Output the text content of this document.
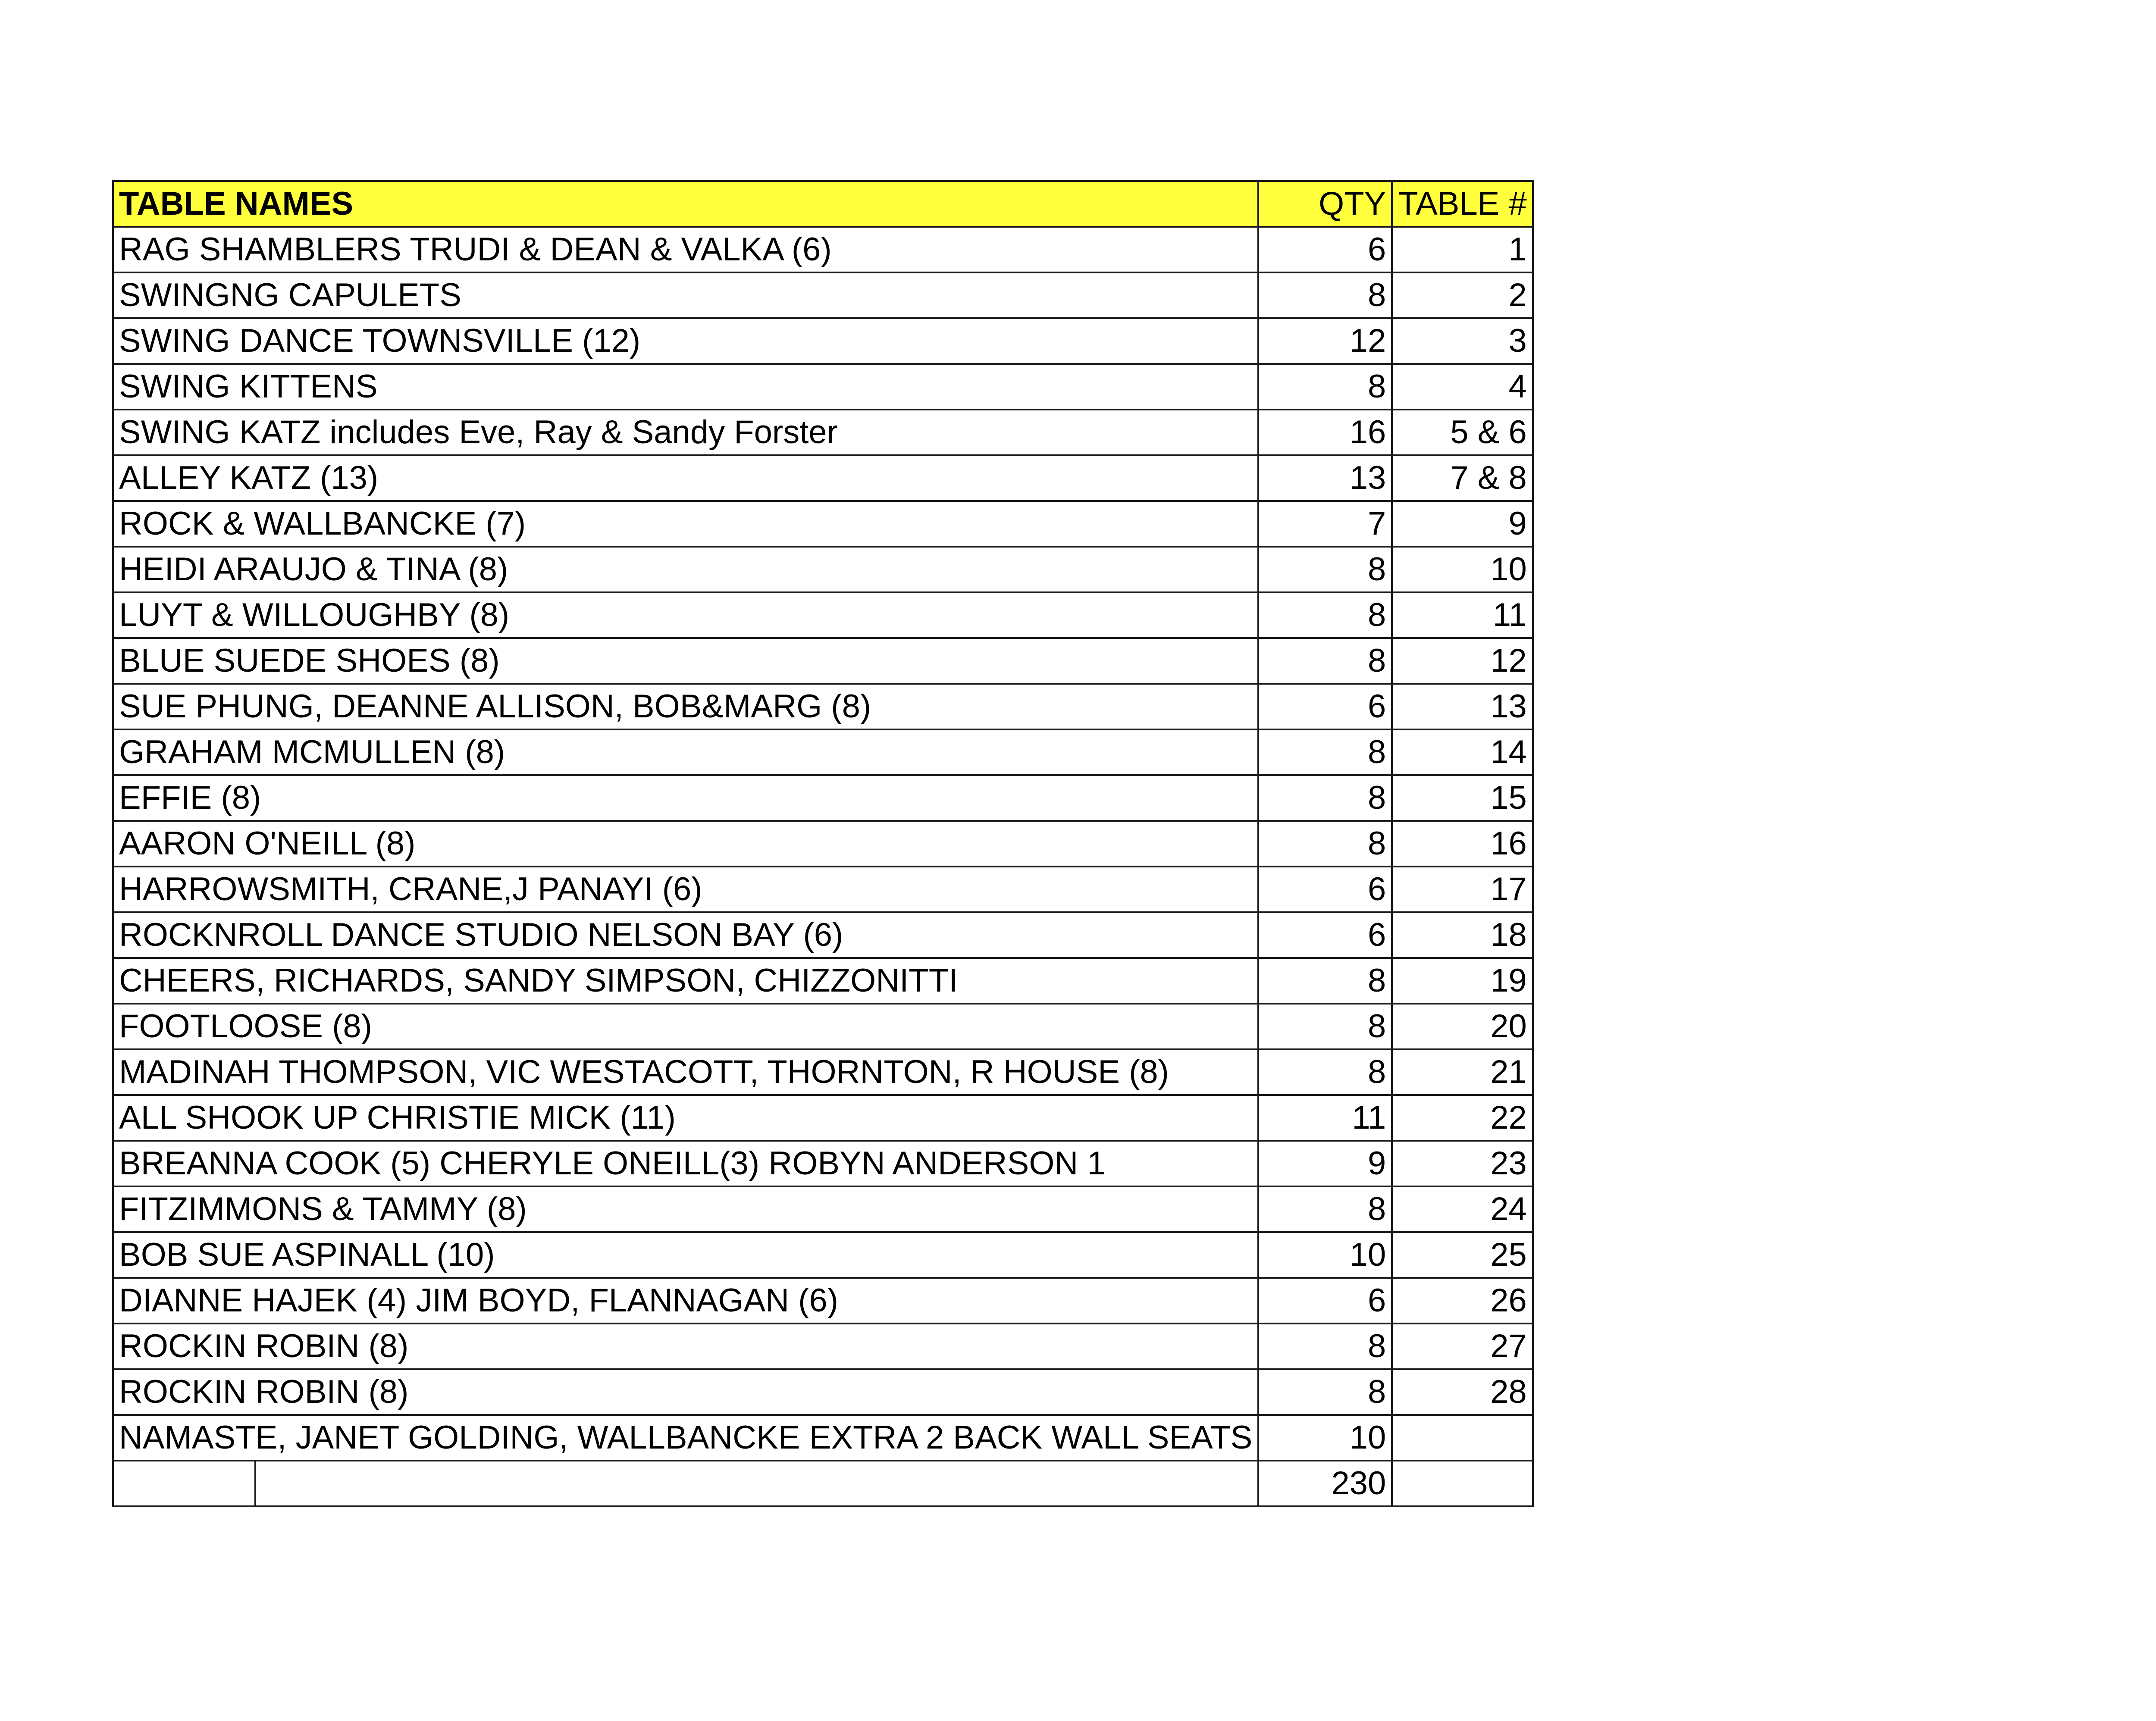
TABLE NAMES		QTY	TABLE #
RAG SHAMBLERS TRUDI & DEAN & VALKA (6)		6	1
SWINGNG CAPULETS		8	2
SWING DANCE TOWNSVILLE (12)		12	3
SWING KITTENS		8	4
SWING KATZ includes Eve, Ray & Sandy Forster		16	5 & 6
ALLEY KATZ (13)		13	7 & 8
ROCK & WALLBANCKE (7)		7	9
HEIDI ARAUJO & TINA (8)		8	10
LUYT & WILLOUGHBY (8)		8	11
BLUE SUEDE SHOES (8)		8	12
SUE PHUNG, DEANNE ALLISON, BOB&MARG (8)		6	13
GRAHAM MCMULLEN (8)		8	14
EFFIE (8)		8	15
AARON O'NEILL (8)		8	16
HARROWSMITH, CRANE,J PANAYI (6)		6	17
ROCKNROLL DANCE STUDIO NELSON BAY (6)		6	18
CHEERS, RICHARDS, SANDY SIMPSON, CHIZZONITTI		8	19
FOOTLOOSE (8)		8	20
MADINAH THOMPSON, VIC WESTACOTT, THORNTON, R HOUSE (8)		8	21
ALL SHOOK UP CHRISTIE MICK (11)		11	22
BREANNA COOK (5) CHERYLE ONEILL(3) ROBYN ANDERSON 1		9	23
FITZIMMONS & TAMMY (8)		8	24
BOB SUE ASPINALL (10)		10	25
DIANNE HAJEK (4) JIM BOYD, FLANNAGAN (6)		6	26
ROCKIN ROBIN (8)		8	27
ROCKIN ROBIN (8)		8	28
NAMASTE, JANET GOLDING, WALLBANCKE EXTRA 2 BACK WALL SEATS		10	
		230	
